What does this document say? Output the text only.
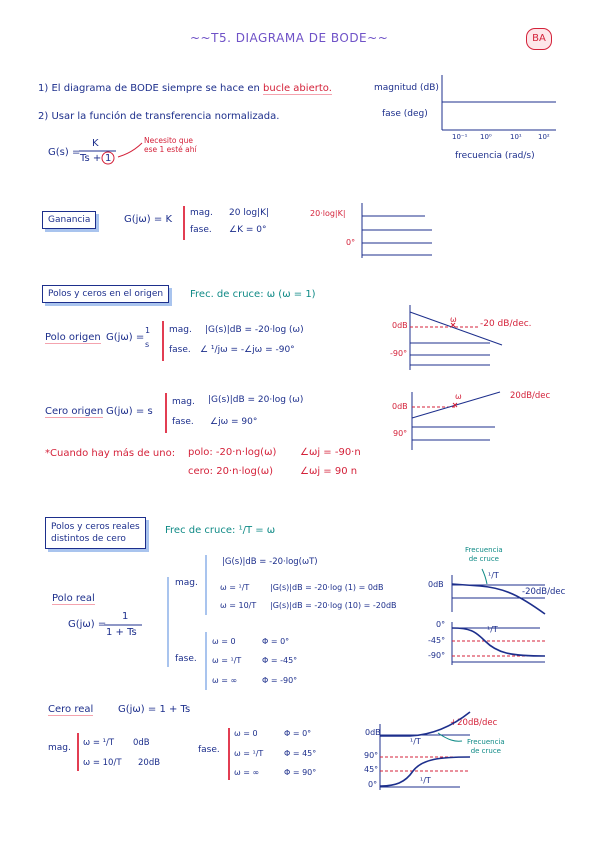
~~T5. DIAGRAMA DE BODE~~	BA
1) El diagrama de BODE siempre se hace en bucle abierto.
2) Usar la función de transferencia normalizada.
G(s) =
K
Ts + 1
Necesito que
ese 1 esté ahí
magnitud (dB)
fase (deg)
10⁻¹ 10⁰	10¹ 10²
frecuencia (rad/s)
Ganancia	G(jω) = K
mag. 20 log|K|
fase. ∠K = 0°
20·log|K|
0°
Polos y ceros en el origen	Frec. de cruce: ω (ω = 1)
Polo origen G(jω) =
1
s
mag. |G(s)|dB = -20·log (ω)
fase. ∠ ¹/jω = -∠jω = -90°
0dB
ω	-20 dB/dec.
-90°
Cero origen G(jω) = s
mag. |G(s)|dB = 20·log (ω)
fase. ∠jω = 90°
0dB
ω	20dB/dec
90°
*Cuando hay más de uno: polo: -20·n·log(ω) ∠ωj = -90·n
cero: 20·n·log(ω)	∠ωj = 90 n
Polos y ceros reales
distintos de cero
Frec de cruce: ¹/T = ω
Polo real
G(jω) =
1
1 + Ts
mag.
|G(s)|dB = -20·log(ωT)
ω = ¹/T	|G(s)|dB = -20·log (1) = 0dB
ω = 10/T |G(s)|dB = -20·log (10) = -20dB
fase.
ω = 0	Φ = 0°
ω = ¹/T	Φ = -45°
ω = ∞	Φ = -90°
Frecuencia
de cruce
0dB
¹/T
-20dB/dec
0°
-45°
-90°
¹/T
Cero real G(jω) = 1 + Ts
mag. ω = ¹/T 0dB
ω = 10/T 20dB
fase.
ω = 0	Φ = 0°
ω = ¹/T	Φ = 45°
ω = ∞	Φ = 90°
+20dB/dec
0dB
¹/T	Frecuencia
de cruce
90°
45°
0°	¹/T
